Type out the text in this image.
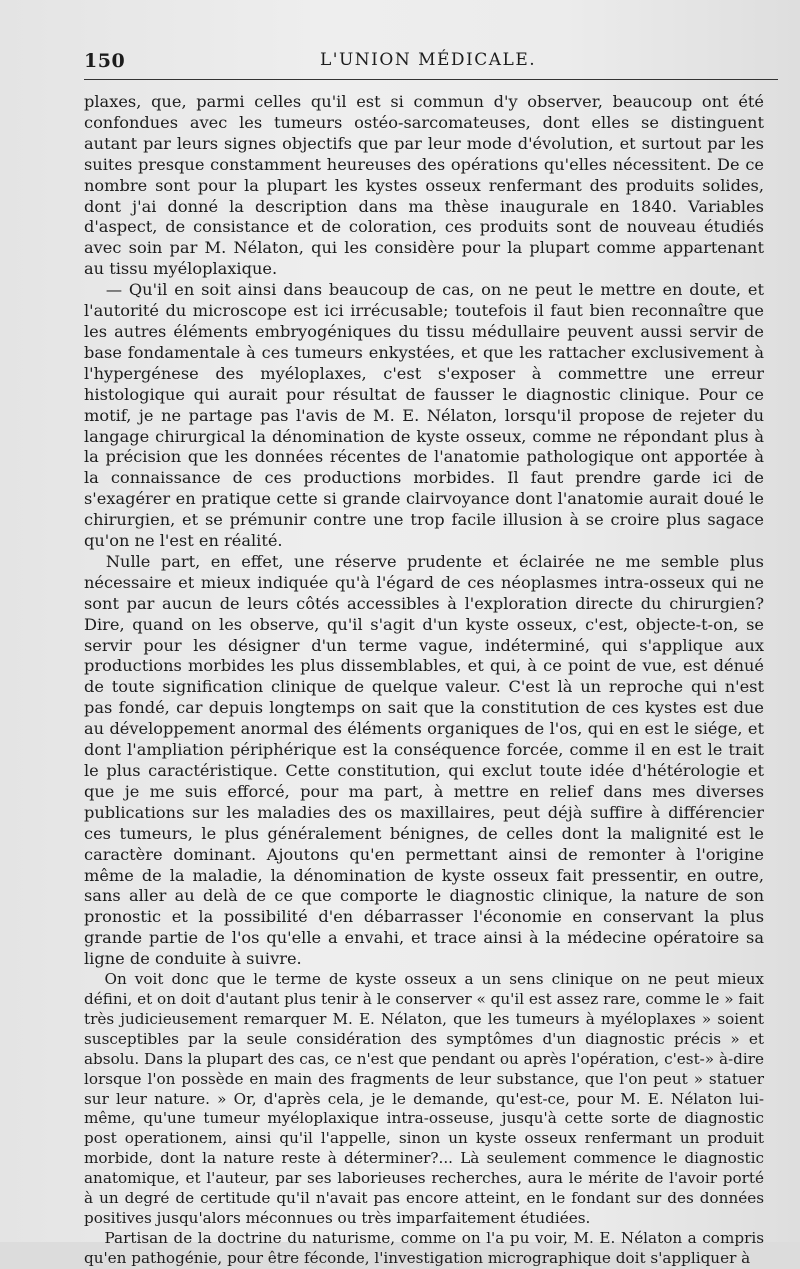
150	L'UNION MÉDICALE.

plaxes, que, parmi celles qu'il est si commun d'y observer, beaucoup ont été confondues avec les tumeurs ostéo-sarcomateuses, dont elles se distinguent autant par leurs signes objectifs que par leur mode d'évolution, et surtout par les suites presque constamment heureuses des opérations qu'elles nécessitent. De ce nombre sont pour la plupart les kystes osseux renfermant des produits solides, dont j'ai donné la description dans ma thèse inaugurale en 1840. Variables d'aspect, de consistance et de coloration, ces produits sont de nouveau étudiés avec soin par M. Nélaton, qui les considère pour la plupart comme appartenant au tissu myéloplaxique.

— Qu'il en soit ainsi dans beaucoup de cas, on ne peut le mettre en doute, et l'autorité du microscope est ici irrécusable; toutefois il faut bien reconnaître que les autres éléments embryogéniques du tissu médullaire peuvent aussi servir de base fondamentale à ces tumeurs enkystées, et que les rattacher exclusivement à l'hypergénese des myéloplaxes, c'est s'exposer à commettre une erreur histologique qui aurait pour résultat de fausser le diagnostic clinique. Pour ce motif, je ne partage pas l'avis de M. E. Nélaton, lorsqu'il propose de rejeter du langage chirurgical la dénomination de kyste osseux, comme ne répondant plus à la précision que les données récentes de l'anatomie pathologique ont apportée à la connaissance de ces productions morbides. Il faut prendre garde ici de s'exagérer en pratique cette si grande clairvoyance dont l'anatomie aurait doué le chirurgien, et se prémunir contre une trop facile illusion à se croire plus sagace qu'on ne l'est en réalité.

Nulle part, en effet, une réserve prudente et éclairée ne me semble plus nécessaire et mieux indiquée qu'à l'égard de ces néoplasmes intra-osseux qui ne sont par aucun de leurs côtés accessibles à l'exploration directe du chirurgien? Dire, quand on les observe, qu'il s'agit d'un kyste osseux, c'est, objecte-t-on, se servir pour les désigner d'un terme vague, indéterminé, qui s'applique aux productions morbides les plus dissemblables, et qui, à ce point de vue, est dénué de toute signification clinique de quelque valeur. C'est là un reproche qui n'est pas fondé, car depuis longtemps on sait que la constitution de ces kystes est due au développement anormal des éléments organiques de l'os, qui en est le siége, et dont l'ampliation périphérique est la conséquence forcée, comme il en est le trait le plus caractéristique. Cette constitution, qui exclut toute idée d'hétérologie et que je me suis efforcé, pour ma part, à mettre en relief dans mes diverses publications sur les maladies des os maxillaires, peut déjà suffire à différencier ces tumeurs, le plus généralement bénignes, de celles dont la malignité est le caractère dominant. Ajoutons qu'en permettant ainsi de remonter à l'origine même de la maladie, la dénomination de kyste osseux fait pressentir, en outre, sans aller au delà de ce que comporte le diagnostic clinique, la nature de son pronostic et la possibilité d'en débarrasser l'économie en conservant la plus grande partie de l'os qu'elle a envahi, et trace ainsi à la médecine opératoire sa ligne de conduite à suivre.

On voit donc que le terme de kyste osseux a un sens clinique on ne peut mieux défini, et on doit d'autant plus tenir à le conserver « qu'il est assez rare, comme le » fait très judicieusement remarquer M. E. Nélaton, que les tumeurs à myéloplaxes » soient susceptibles par la seule considération des symptômes d'un diagnostic précis » et absolu. Dans la plupart des cas, ce n'est que pendant ou après l'opération, c'est-» à-dire lorsque l'on possède en main des fragments de leur substance, que l'on peut » statuer sur leur nature. » Or, d'après cela, je le demande, qu'est-ce, pour M. E. Nélaton lui-même, qu'une tumeur myéloplaxique intra-osseuse, jusqu'à cette sorte de diagnostic post operationem, ainsi qu'il l'appelle, sinon un kyste osseux renfermant un produit morbide, dont la nature reste à déterminer?... Là seulement commence le diagnostic anatomique, et l'auteur, par ses laborieuses recherches, aura le mérite de l'avoir porté à un degré de certitude qu'il n'avait pas encore atteint, en le fondant sur des données positives jusqu'alors méconnues ou très imparfaitement étudiées.

Partisan de la doctrine du naturisme, comme on l'a pu voir, M. E. Nélaton a compris qu'en pathogénie, pour être féconde, l'investigation micrographique doit s'appliquer à
